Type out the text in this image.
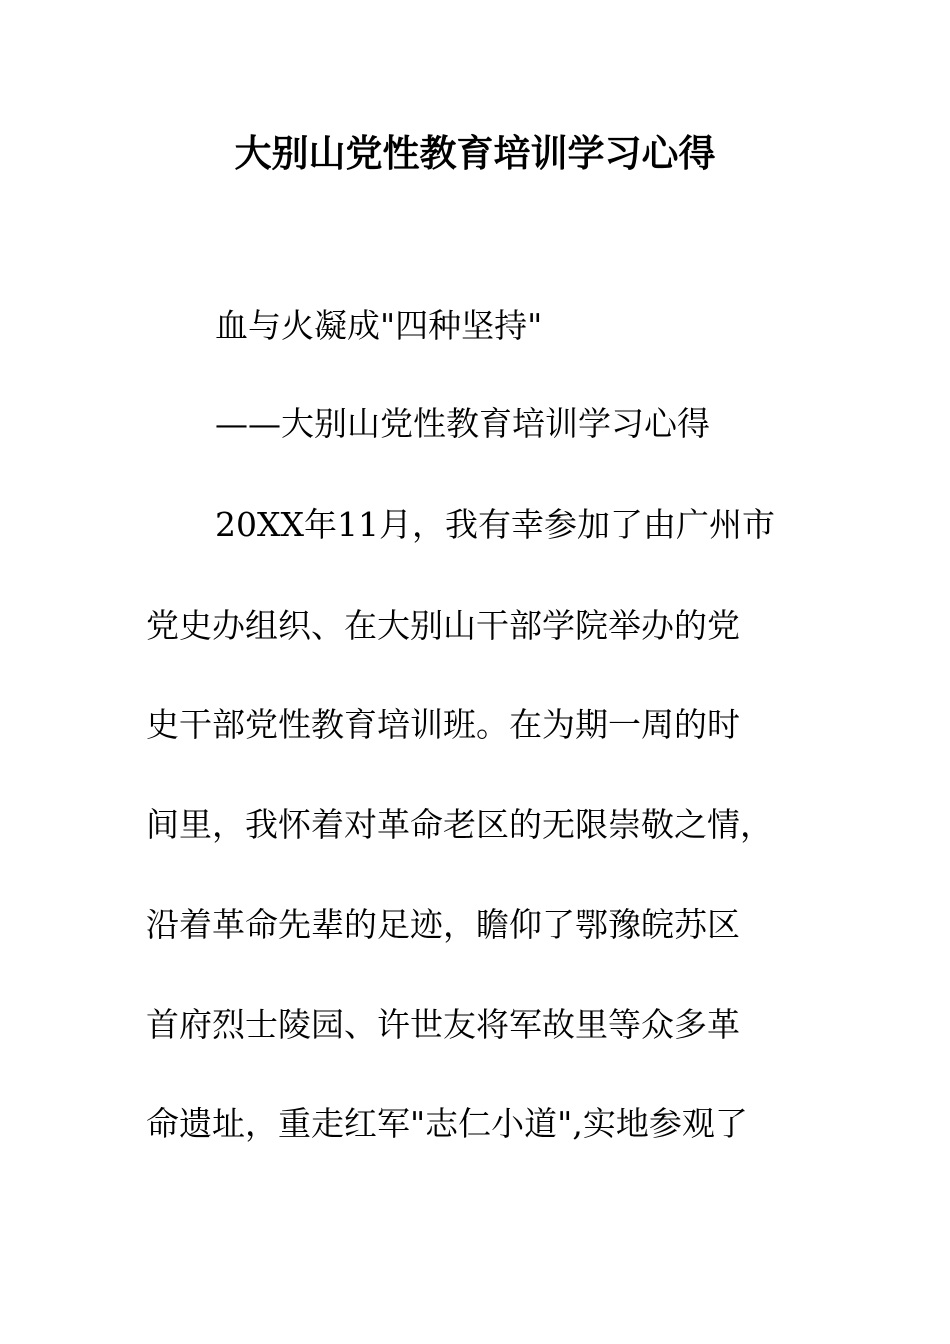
大别山党性教育培训学习心得

血与火凝成"四种坚持"

——大别山党性教育培训学习心得

20XX年11月，我有幸参加了由广州市

党史办组织、在大别山干部学院举办的党

史干部党性教育培训班。在为期一周的时

间里，我怀着对革命老区的无限崇敬之情，

沿着革命先辈的足迹，瞻仰了鄂豫皖苏区

首府烈士陵园、许世友将军故里等众多革

命遗址，重走红军"志仁小道",实地参观了
